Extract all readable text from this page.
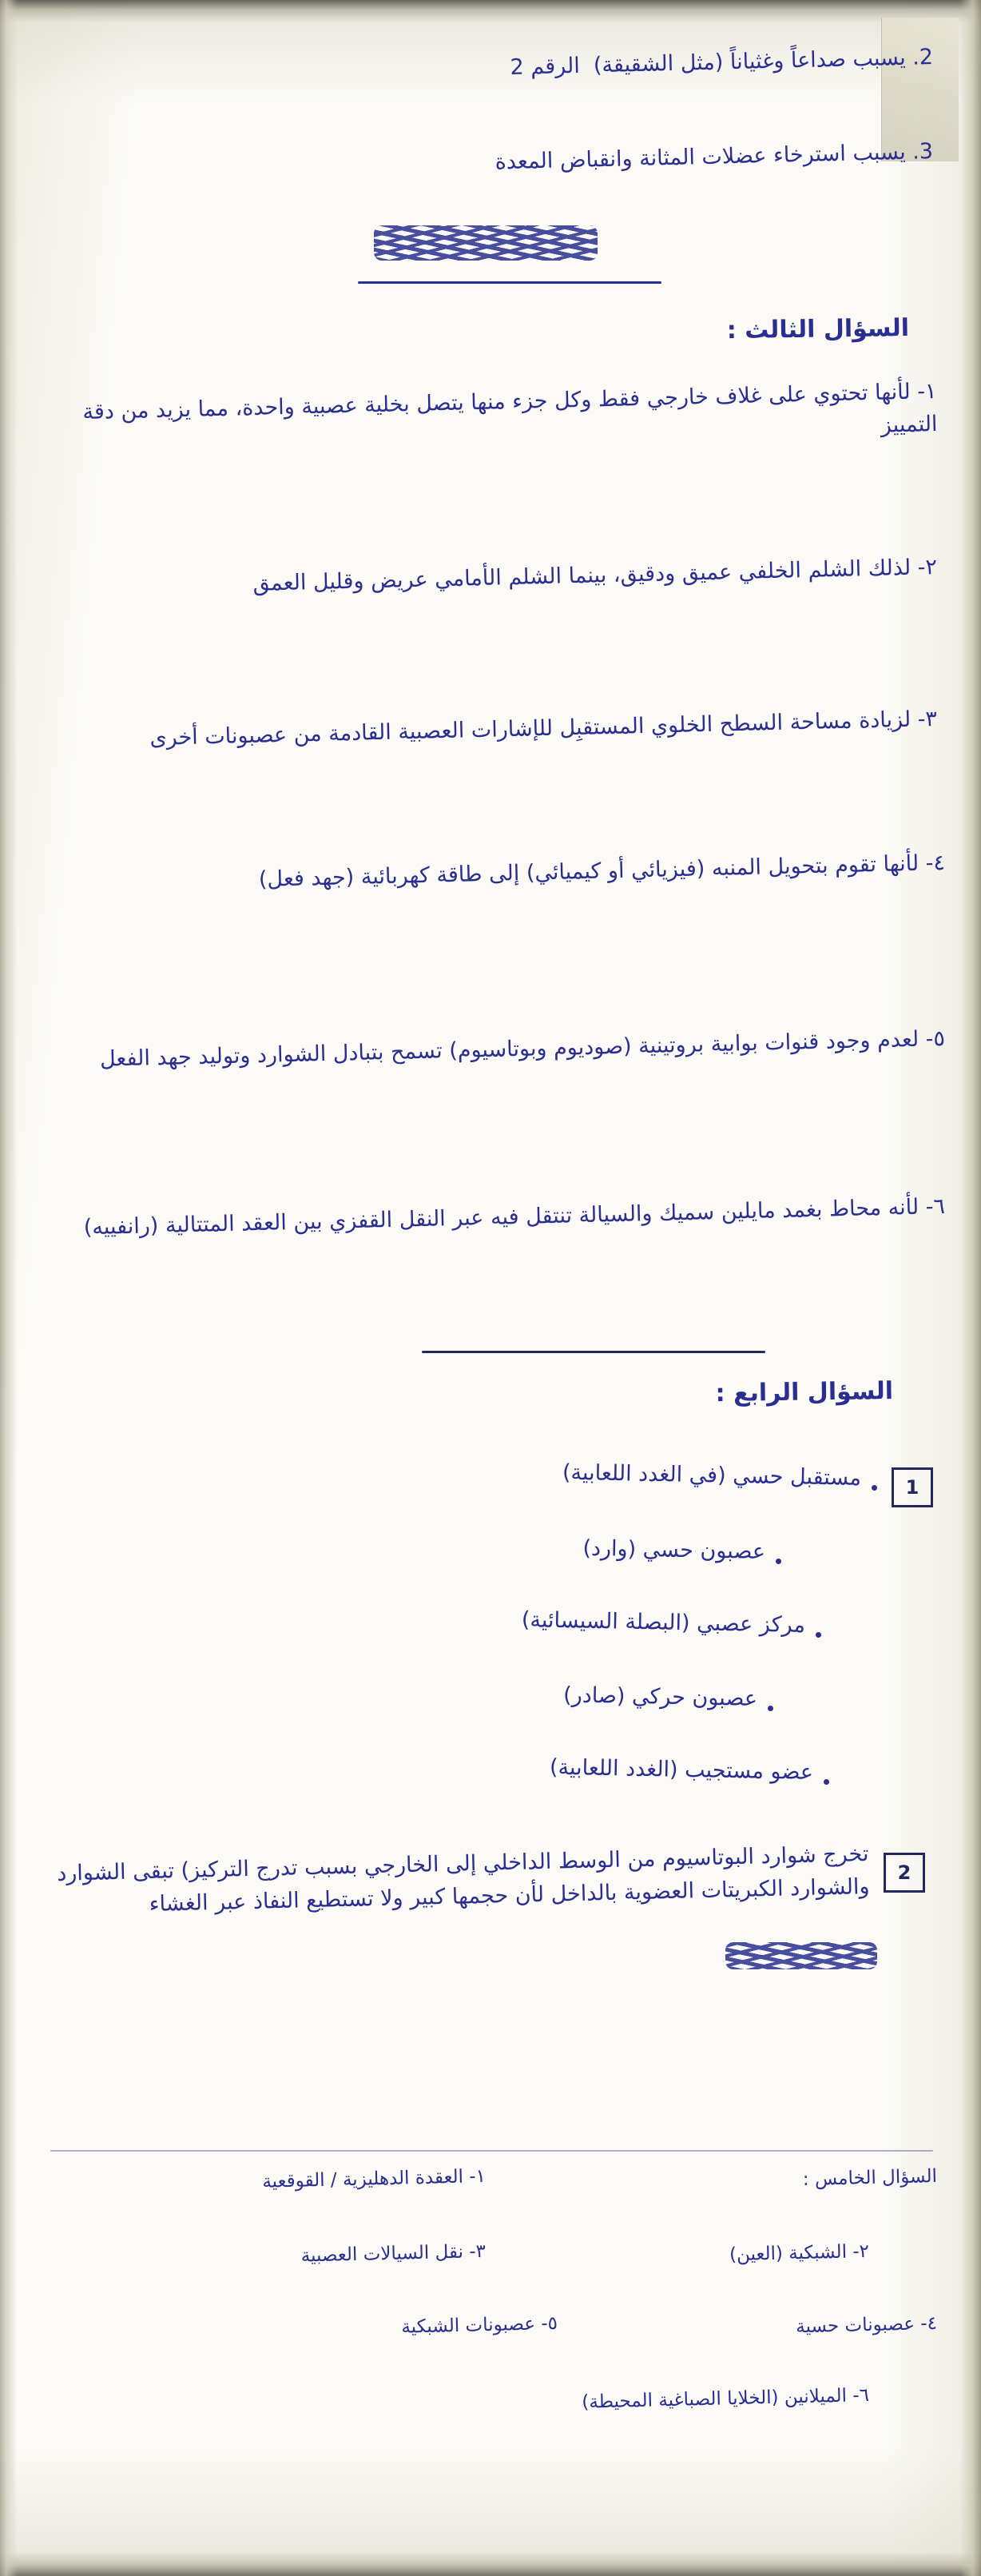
2. يسبب صداعاً وغثياناً (مثل الشقيقة)  الرقم 2
3. يسبب استرخاء عضلات المثانة وانقباض المعدة
السؤال الثالث :
١- لأنها تحتوي على غلاف خارجي فقط وكل جزء منها يتصل بخلية عصبية واحدة، مما يزيد من دقة التمييز
٢- لذلك الشلم الخلفي عميق ودقيق، بينما الشلم الأمامي عريض وقليل العمق
٣- لزيادة مساحة السطح الخلوي المستقبِل للإشارات العصبية القادمة من عصبونات أخرى
٤- لأنها تقوم بتحويل المنبه (فيزيائي أو كيميائي) إلى طاقة كهربائية (جهد فعل)
٥- لعدم وجود قنوات بوابية بروتينية (صوديوم وبوتاسيوم) تسمح بتبادل الشوارد وتوليد جهد الفعل
٦- لأنه محاط بغمد مايلين سميك والسيالة تنتقل فيه عبر النقل القفزي بين العقد المتتالية (رانفييه)
السؤال الرابع :
1
مستقبل حسي (في الغدد اللعابية)
عصبون حسي (وارد)
مركز عصبي (البصلة السيسائية)
عصبون حركي (صادر)
عضو مستجيب (الغدد اللعابية)
2
تخرج شوارد البوتاسيوم من الوسط الداخلي إلى الخارجي بسبب تدرج التركيز) تبقى الشوارد والشوارد الكبريتات العضوية بالداخل لأن حجمها كبير ولا تستطيع النفاذ عبر الغشاء
السؤال الخامس :
١- العقدة الدهليزية / القوقعية
٢- الشبكية (العين)
٣- نقل السيالات العصبية
٤- عصبونات حسية
٥- عصبونات الشبكية
٦- الميلانين (الخلايا الصباغية المحيطة)
